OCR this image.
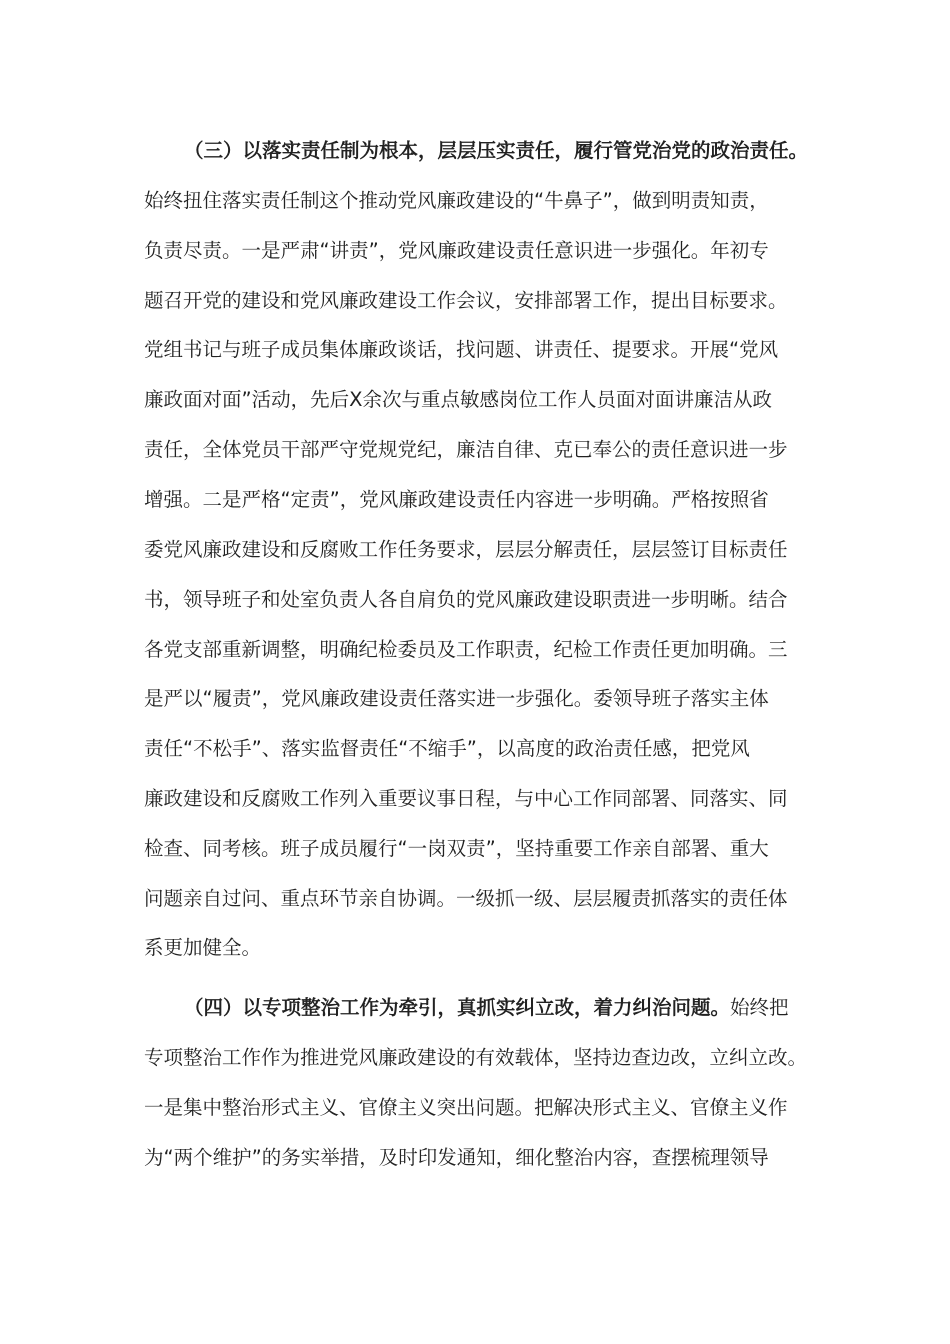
（三）以落实责任制为根本，层层压实责任，履行管党治党的政治责任。
始终扭住落实责任制这个推动党风廉政建设的“牛鼻子”，做到明责知责，
负责尽责。一是严肃“讲责”，党风廉政建设责任意识进一步强化。年初专
题召开党的建设和党风廉政建设工作会议，安排部署工作，提出目标要求。
党组书记与班子成员集体廉政谈话，找问题、讲责任、提要求。开展“党风
廉政面对面”活动，先后X余次与重点敏感岗位工作人员面对面讲廉洁从政
责任，全体党员干部严守党规党纪，廉洁自律、克已奉公的责任意识进一步
增强。二是严格“定责”，党风廉政建设责任内容进一步明确。严格按照省
委党风廉政建设和反腐败工作任务要求，层层分解责任，层层签订目标责任
书，领导班子和处室负责人各自肩负的党风廉政建设职责进一步明晰。结合
各党支部重新调整，明确纪检委员及工作职责，纪检工作责任更加明确。三
是严以“履责”，党风廉政建设责任落实进一步强化。委领导班子落实主体
责任“不松手”、落实监督责任“不缩手”，以高度的政治责任感，把党风
廉政建设和反腐败工作列入重要议事日程，与中心工作同部署、同落实、同
检查、同考核。班子成员履行“一岗双责”，坚持重要工作亲自部署、重大
问题亲自过问、重点环节亲自协调。一级抓一级、层层履责抓落实的责任体
系更加健全。
（四）以专项整治工作为牵引，真抓实纠立改，着力纠治问题。始终把
专项整治工作作为推进党风廉政建设的有效载体，坚持边查边改，立纠立改。
一是集中整治形式主义、官僚主义突出问题。把解决形式主义、官僚主义作
为“两个维护”的务实举措，及时印发通知，细化整治内容，查摆梳理领导
